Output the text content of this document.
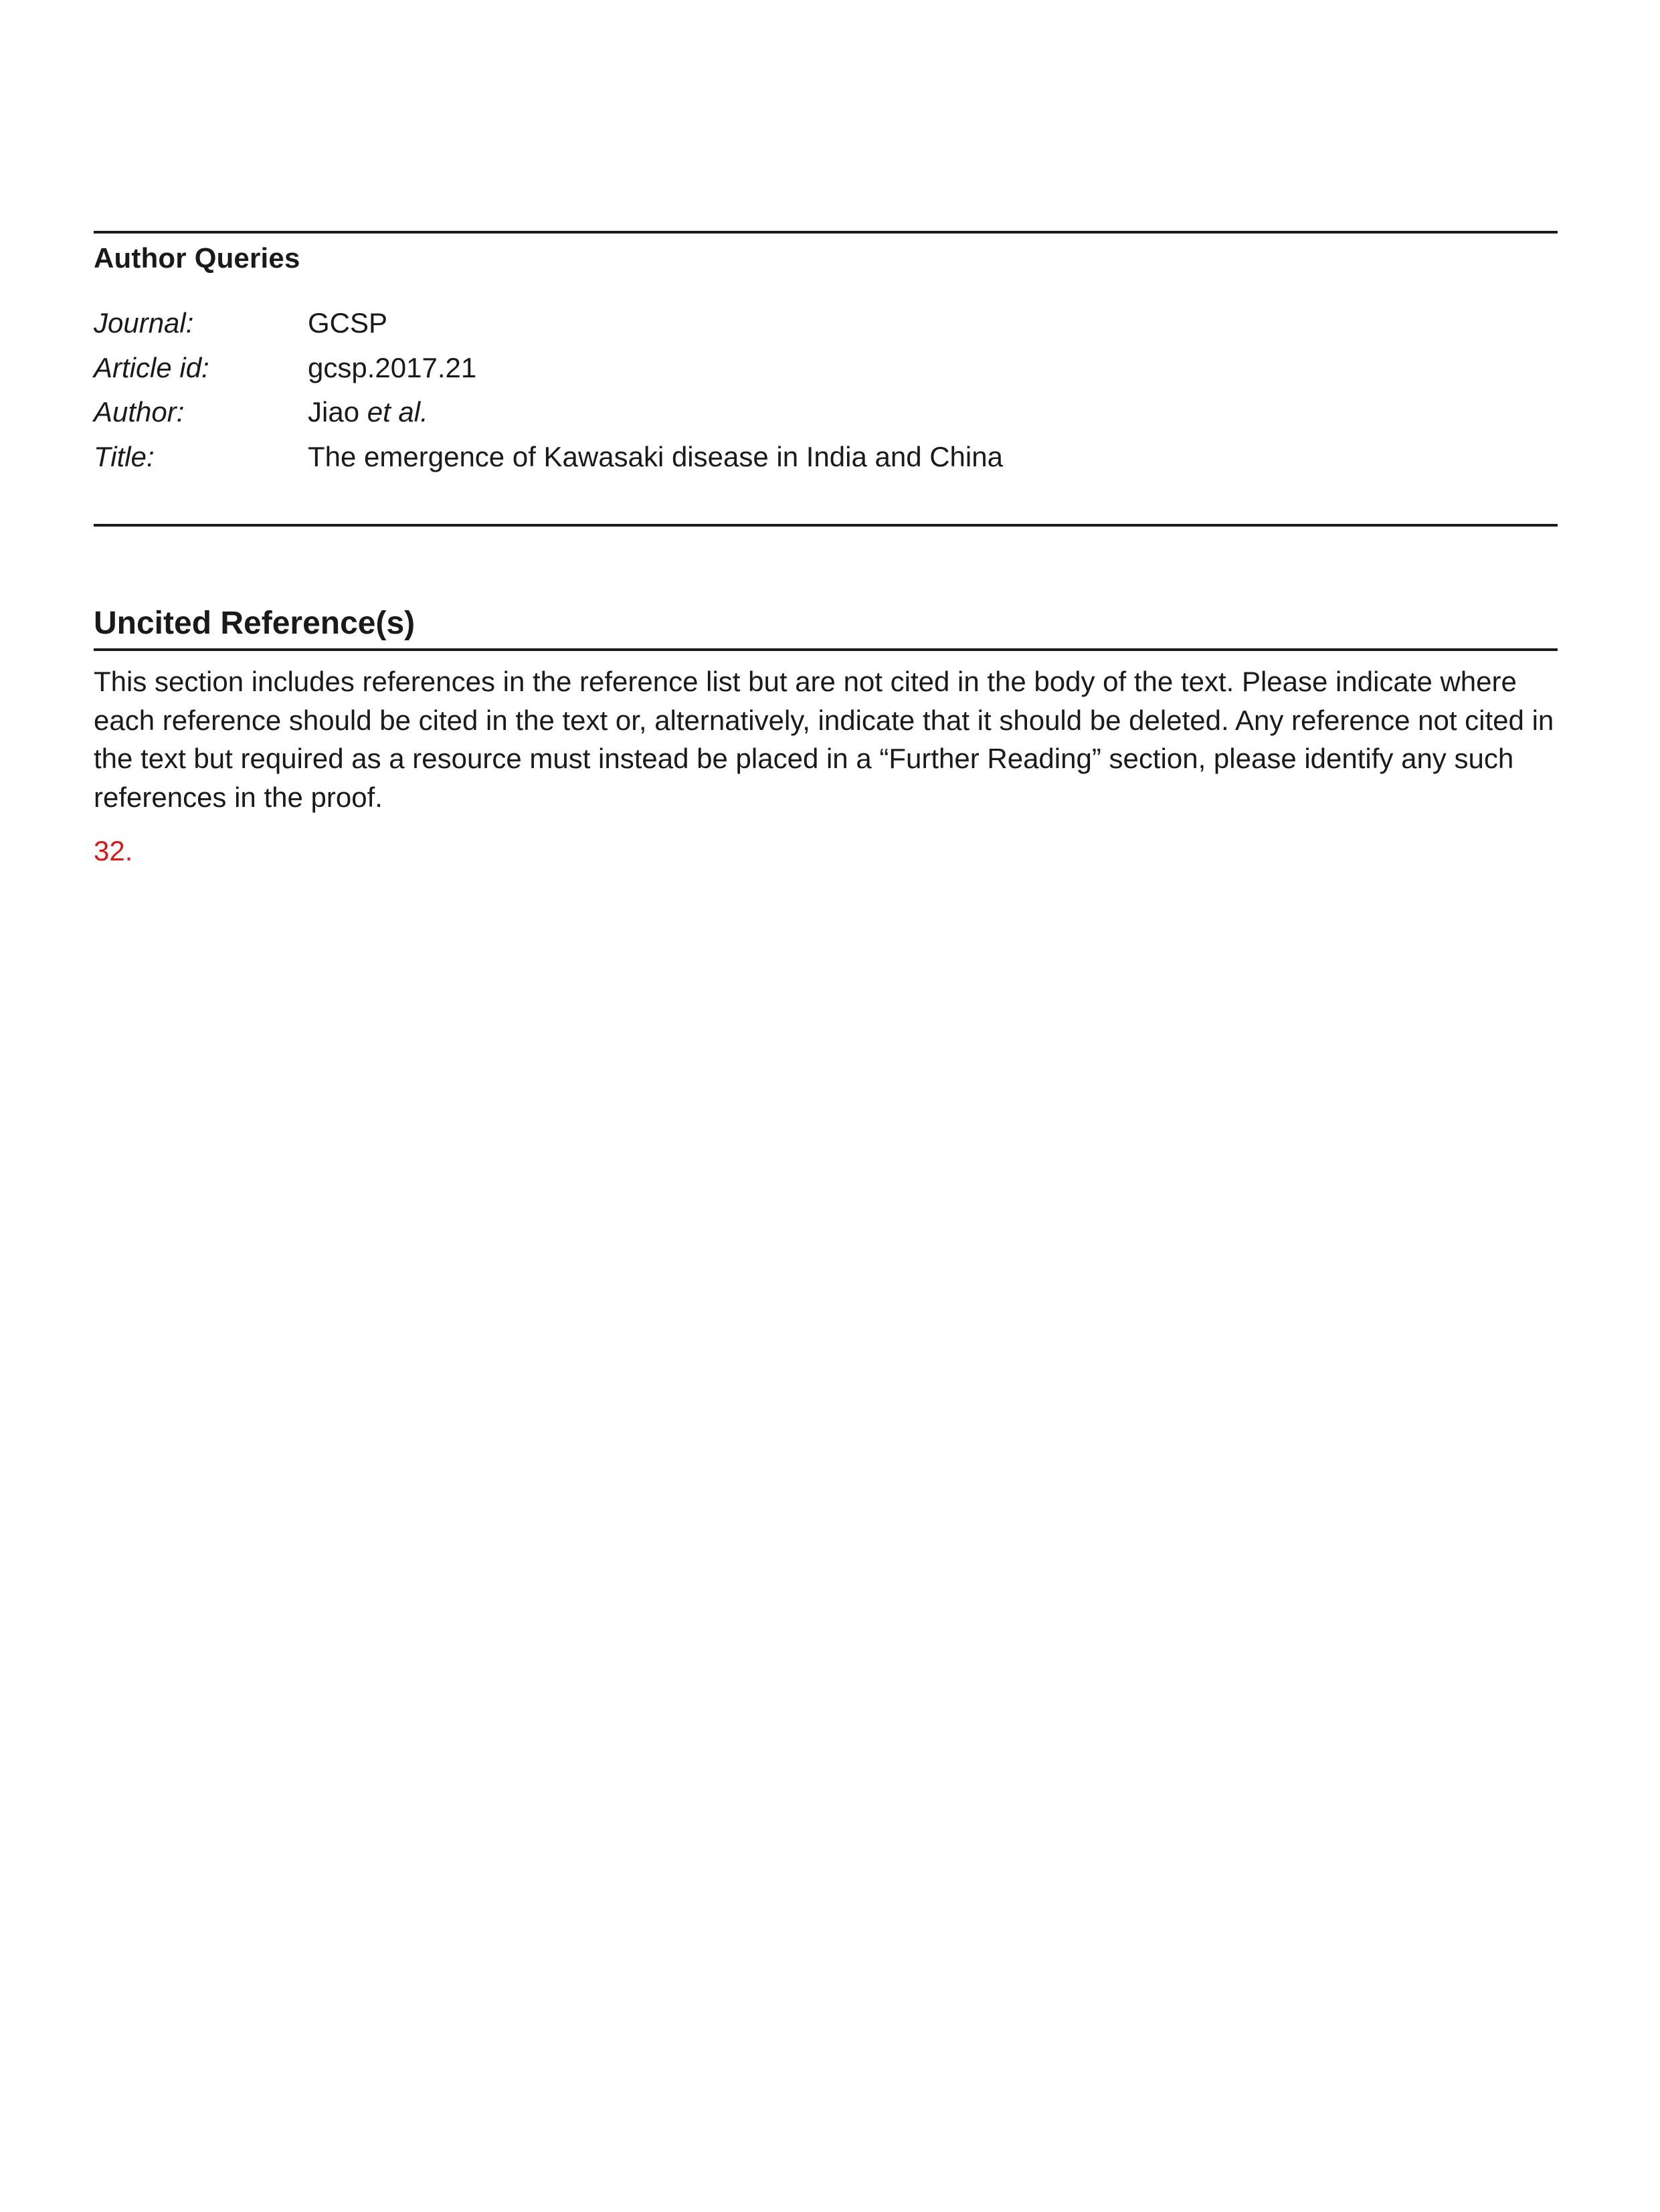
Author Queries
Journal:	GCSP
Article id:	gcsp.2017.21
Author:	Jiao et al.
Title:	The emergence of Kawasaki disease in India and China
Uncited Reference(s)
This section includes references in the reference list but are not cited in the body of the text. Please indicate where each reference should be cited in the text or, alternatively, indicate that it should be deleted. Any reference not cited in the text but required as a resource must instead be placed in a “Further Reading” section, please identify any such references in the proof.
32.
